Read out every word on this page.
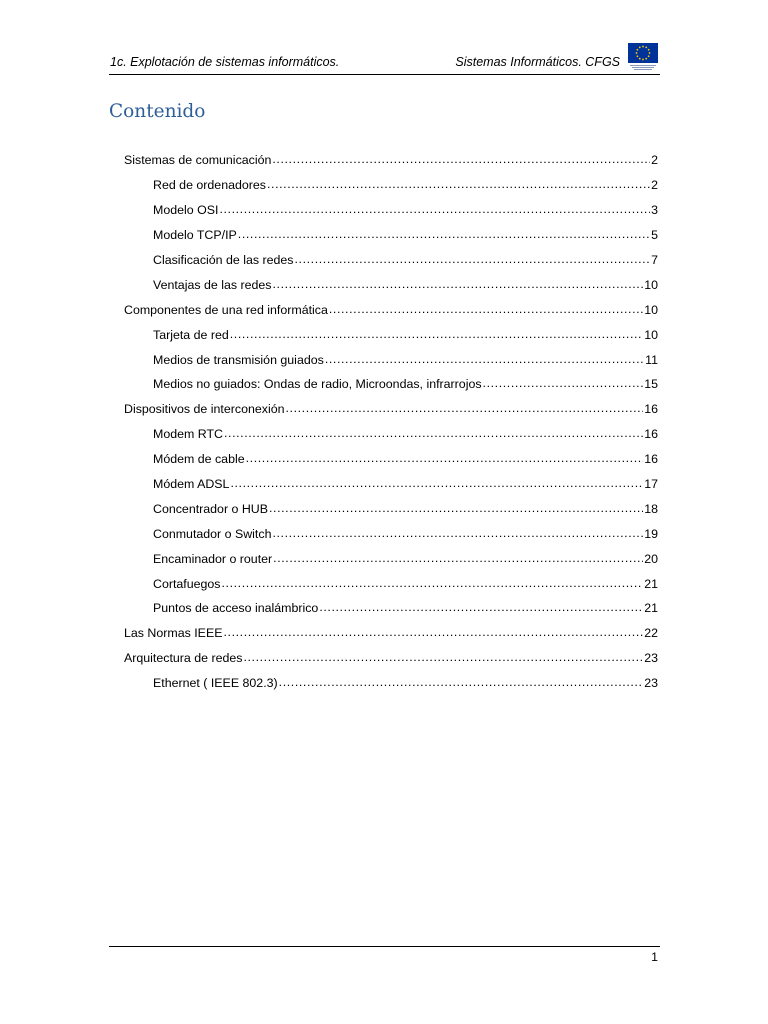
1c. Explotación de sistemas informáticos.	Sistemas Informáticos. CFGS
Contenido
Sistemas de comunicación .....	2
Red de ordenadores .....	2
Modelo OSI .....	3
Modelo TCP/IP .....	5
Clasificación de las redes .....	7
Ventajas de las redes .....	10
Componentes de una red informática .....	10
Tarjeta de red .....	10
Medios de transmisión guiados .....	11
Medios no guiados: Ondas de radio, Microondas, infrarrojos .....	15
Dispositivos de interconexión .....	16
Modem RTC .....	16
Módem de cable .....	16
Módem ADSL .....	17
Concentrador o HUB .....	18
Conmutador o Switch .....	19
Encaminador o router .....	20
Cortafuegos .....	21
Puntos de acceso inalámbrico .....	21
Las Normas IEEE .....	22
Arquitectura de redes .....	23
Ethernet ( IEEE 802.3) .....	23
1
